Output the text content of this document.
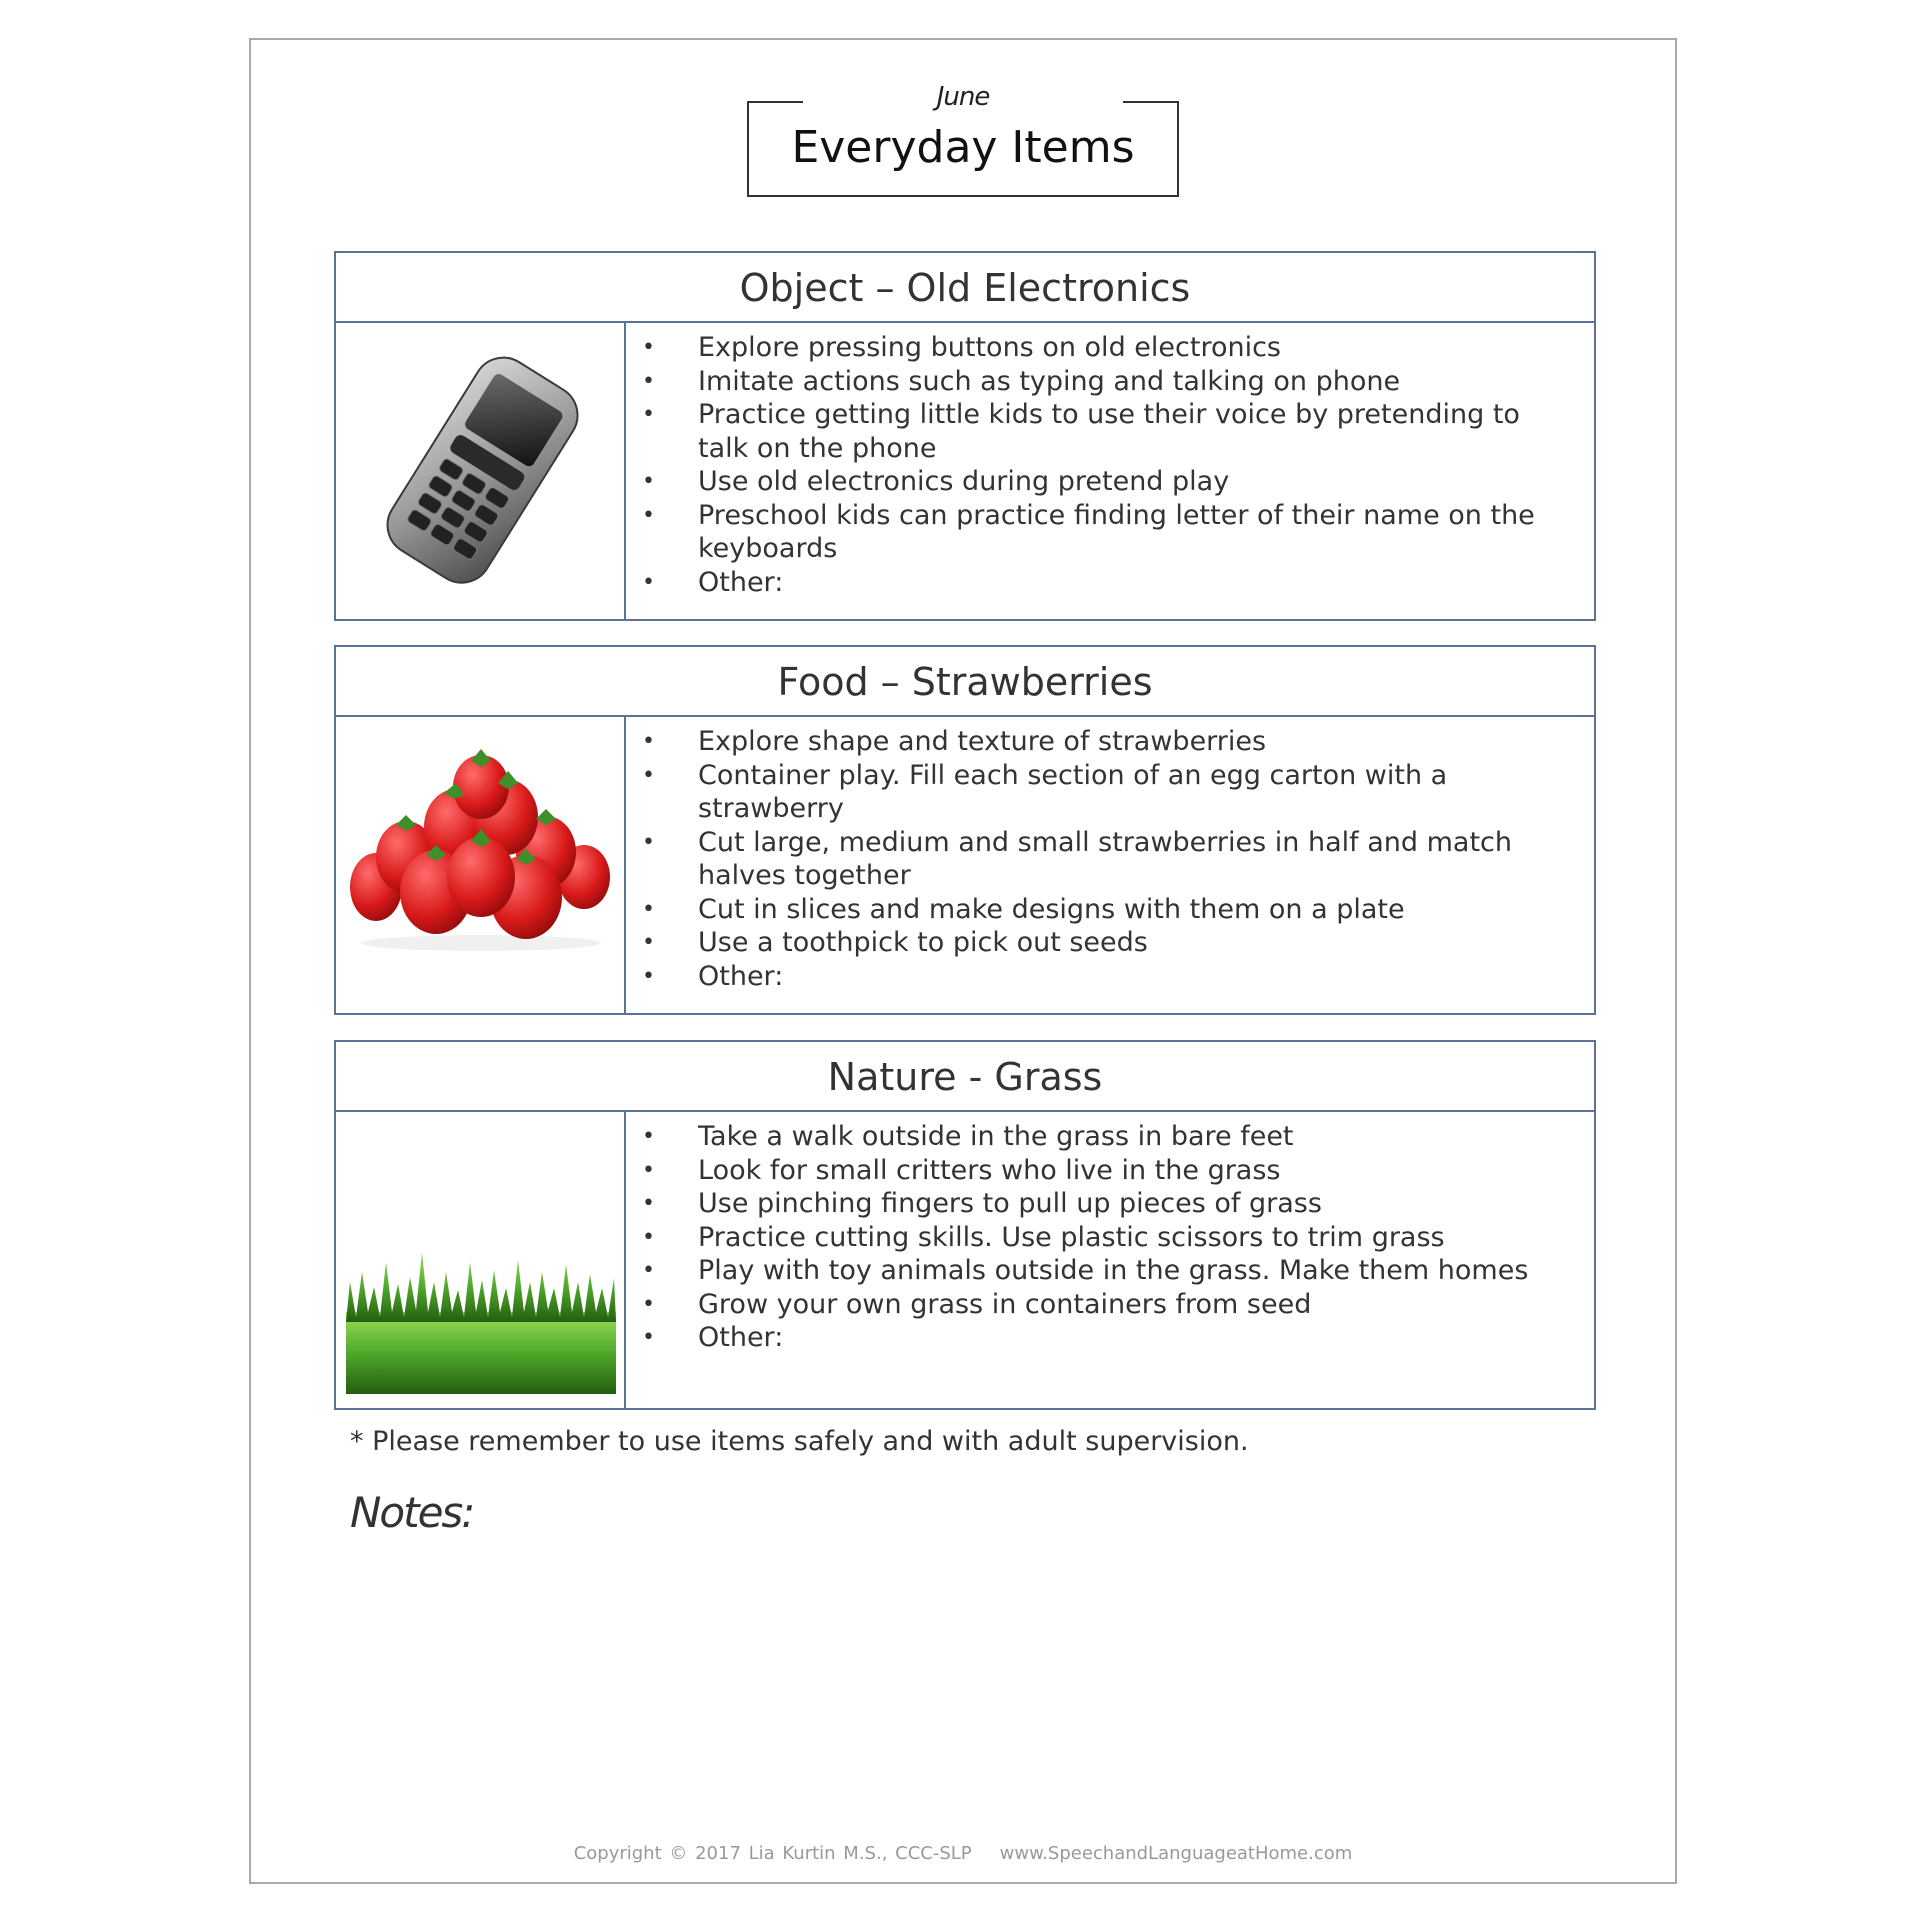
June
Everyday Items
Object – Old Electronics
• Explore pressing buttons on old electronics
• Imitate actions such as typing and talking on phone
• Practice getting little kids to use their voice by pretending to talk on the phone
• Use old electronics during pretend play
• Preschool kids can practice finding letter of their name on the keyboards
• Other:
Food – Strawberries
• Explore shape and texture of strawberries
• Container play. Fill each section of an egg carton with a strawberry
• Cut large, medium and small strawberries in half and match halves together
• Cut in slices and make designs with them on a plate
• Use a toothpick to pick out seeds
• Other:
Nature - Grass
• Take a walk outside in the grass in bare feet
• Look for small critters who live in the grass
• Use pinching fingers to pull up pieces of grass
• Practice cutting skills. Use plastic scissors to trim grass
• Play with toy animals outside in the grass. Make them homes
• Grow your own grass in containers from seed
• Other:
* Please remember to use items safely and with adult supervision.
Notes:
Copyright © 2017 Lia Kurtin M.S., CCC-SLP www.SpeechandLanguageatHome.com
